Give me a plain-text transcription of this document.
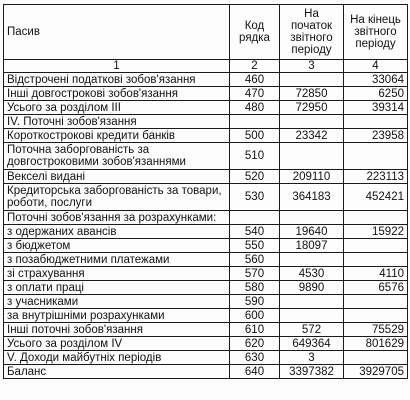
Пасив	Код рядка	На початок звітного періоду	На кінець звітного періоду
1	2	3	4
Відстрочені податкові зобов'язання	460		33064
Інші довгострокові зобов'язання	470	72850	6250
Усього за розділом III	480	72950	39314
IV. Поточні зобов'язання			
Короткострокові кредити банків	500	23342	23958
Поточна заборгованість за довгостроковими зобов'язаннями	510		
Векселі видані	520	209110	223113
Кредиторська заборгованість за товари, роботи, послуги	530	364183	452421
Поточні зобов'язання за розрахунками:			
з одержаних авансів	540	19640	15922
з бюджетом	550	18097	
з позабюджетними платежами	560		
зі страхування	570	4530	4110
з оплати праці	580	9890	6576
з учасниками	590		
за внутрішніми розрахунками	600		
Інші поточні зобов'язання	610	572	75529
Усього за розділом IV	620	649364	801629
V. Доходи майбутніх періодів	630	3	
Баланс	640	3397382	3929705
